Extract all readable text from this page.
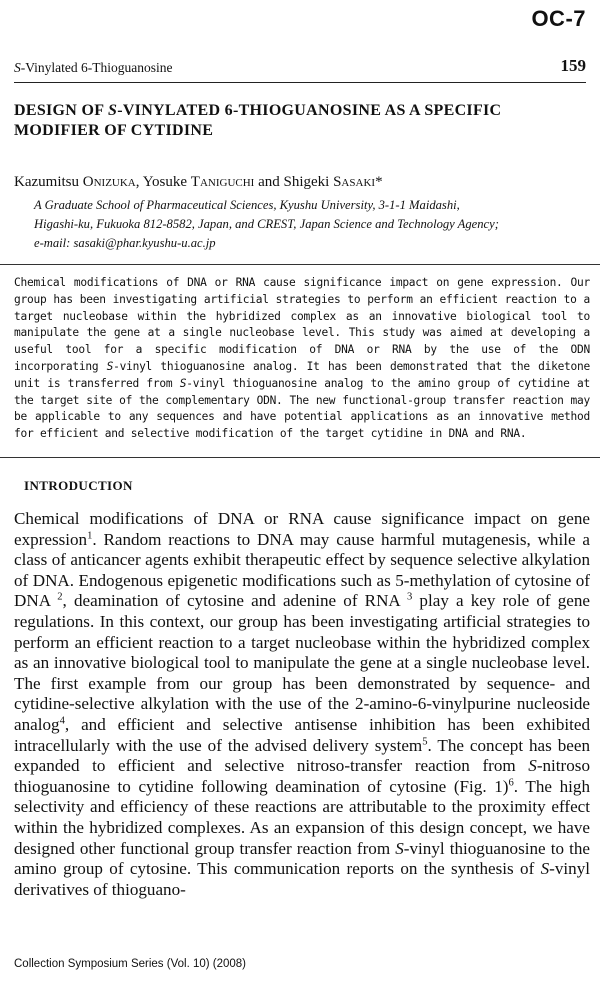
OC-7
S-Vinylated 6-Thioguanosine	159
DESIGN OF S-VINYLATED 6-THIOGUANOSINE AS A SPECIFIC MODIFIER OF CYTIDINE
Kazumitsu Onizuka, Yosuke Taniguchi and Shigeki Sasaki*
A Graduate School of Pharmaceutical Sciences, Kyushu University, 3-1-1 Maidashi,
Higashi-ku, Fukuoka 812-8582, Japan, and CREST, Japan Science and Technology Agency;
e-mail: sasaki@phar.kyushu-u.ac.jp

Chemical modifications of DNA or RNA cause significance impact on gene expression. Our group has been investigating artificial strategies to perform an efficient reaction to a target nucleobase within the hybridized complex as an innovative biological tool to manipulate the gene at a single nucleobase level. This study was aimed at developing a useful tool for a specific modification of DNA or RNA by the use of the ODN incorporating S-vinyl thioguanosine analog. It has been demonstrated that the diketone unit is transferred from S-vinyl thioguanosine analog to the amino group of cytidine at the target site of the complementary ODN. The new functional-group transfer reaction may be applicable to any sequences and have potential applications as an innovative method for efficient and selective modification of the target cytidine in DNA and RNA.

INTRODUCTION

Chemical modifications of DNA or RNA cause significance impact on gene expression$^1$. Random reactions to DNA may cause harmful mutagenesis, while a class of anticancer agents exhibit therapeutic effect by sequence selective alkylation of DNA. Endogenous epigenetic modifications such as 5-methylation of cytosine of DNA $^2$, deamination of cytosine and adenine of RNA $^3$ play a key role of gene regulations. In this context, our group has been investigating artificial strategies to perform an efficient reaction to a target nucleobase within the hybridized complex as an innovative biological tool to manipulate the gene at a single nucleobase level. The first example from our group has been demonstrated by sequence- and cytidine-selective alkylation with the use of the 2-amino-6-vinylpurine nucleoside analog$^4$, and efficient and selective antisense inhibition has been exhibited intracellularly with the use of the advised delivery system$^5$. The concept has been expanded to efficient and selective nitroso-transfer reaction from S-nitroso thioguanosine to cytidine following deamination of cytosine (Fig. 1)$^6$. The high selectivity and efficiency of these reactions are attributable to the proximity effect within the hybridized complexes. As an expansion of this design concept, we have designed other functional group transfer reaction from S-vinyl thioguanosine to the amino group of cytosine. This communication reports on the synthesis of S-vinyl derivatives of thioguano-

Collection Symposium Series (Vol. 10) (2008)
